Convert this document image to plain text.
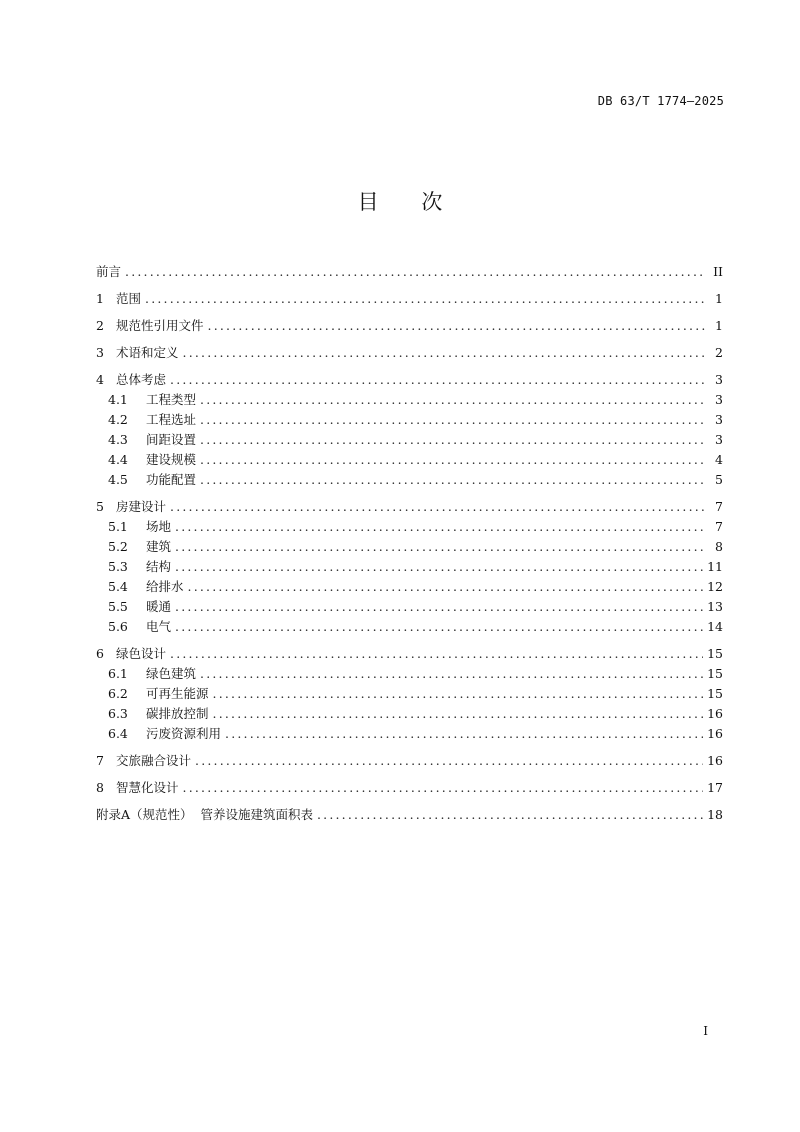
DB 63/T 1774—2025
目 次
前言 .....	II
1 范围 .....	1
2 规范性引用文件 .....	1
3 术语和定义 .....	2
4 总体考虑 .....	3
4.1	工程类型 .....	3
4.2	工程选址 .....	3
4.3	间距设置 .....	3
4.4	建设规模 .....	4
4.5	功能配置 .....	5
5 房建设计 .....	7
5.1	场地 .....	7
5.2	建筑 .....	8
5.3	结构 .....	11
5.4	给排水 .....	12
5.5	暖通 .....	13
5.6	电气 .....	14
6 绿色设计 .....	15
6.1	绿色建筑 .....	15
6.2	可再生能源 .....	15
6.3	碳排放控制 .....	16
6.4	污废资源利用 .....	16
7 交旅融合设计 .....	16
8 智慧化设计 .....	17
附录A（规范性）  管养设施建筑面积表 .....	18
I
